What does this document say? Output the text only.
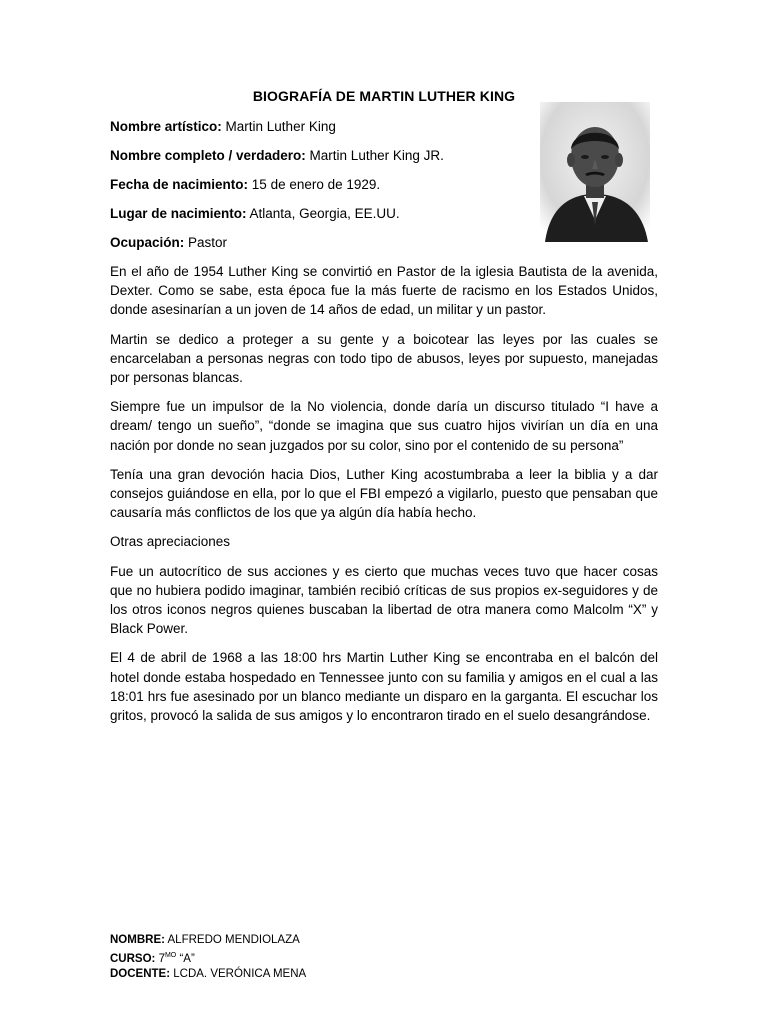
BIOGRAFÍA DE MARTIN LUTHER KING
Nombre artístico: Martin Luther King
Nombre completo / verdadero: Martin Luther King JR.
Fecha de nacimiento: 15 de enero de 1929.
Lugar de nacimiento: Atlanta, Georgia, EE.UU.
Ocupación: Pastor

En el año de 1954 Luther King se convirtió en Pastor de la iglesia Bautista de la avenida, Dexter. Como se sabe, esta época fue la más fuerte de racismo en los Estados Unidos, donde asesinarían a un joven de 14 años de edad, un militar y un pastor.

Martin se dedico a proteger a su gente y a boicotear las leyes por las cuales se encarcelaban a personas negras con todo tipo de abusos, leyes por supuesto, manejadas por personas blancas.

Siempre fue un impulsor de la No violencia, donde daría un discurso titulado “I have a dream/ tengo un sueño”, “donde se imagina que sus cuatro hijos vivirían un día en una nación por donde no sean juzgados por su color, sino por el contenido de su persona”

Tenía una gran devoción hacia Dios, Luther King acostumbraba a leer la biblia y a dar consejos guiándose en ella, por lo que el FBI empezó a vigilarlo, puesto que pensaban que causaría más conflictos de los que ya algún día había hecho.

Otras apreciaciones

Fue un autocrítico de sus acciones y es cierto que muchas veces tuvo que hacer cosas que no hubiera podido imaginar, también recibió críticas de sus propios ex-seguidores y de los otros iconos negros quienes buscaban la libertad de otra manera como Malcolm “X” y Black Power.

El 4 de abril de 1968 a las 18:00 hrs Martin Luther King se encontraba en el balcón del hotel donde estaba hospedado en Tennessee junto con su familia y amigos en el cual a las 18:01 hrs fue asesinado por un blanco mediante un disparo en la garganta. El escuchar los gritos, provocó la salida de sus amigos y lo encontraron tirado en el suelo desangrándose.

NOMBRE: ALFREDO MENDIOLAZA
CURSO: $7^{MO}$ “A”
DOCENTE: LCDA. VERÓNICA MENA
